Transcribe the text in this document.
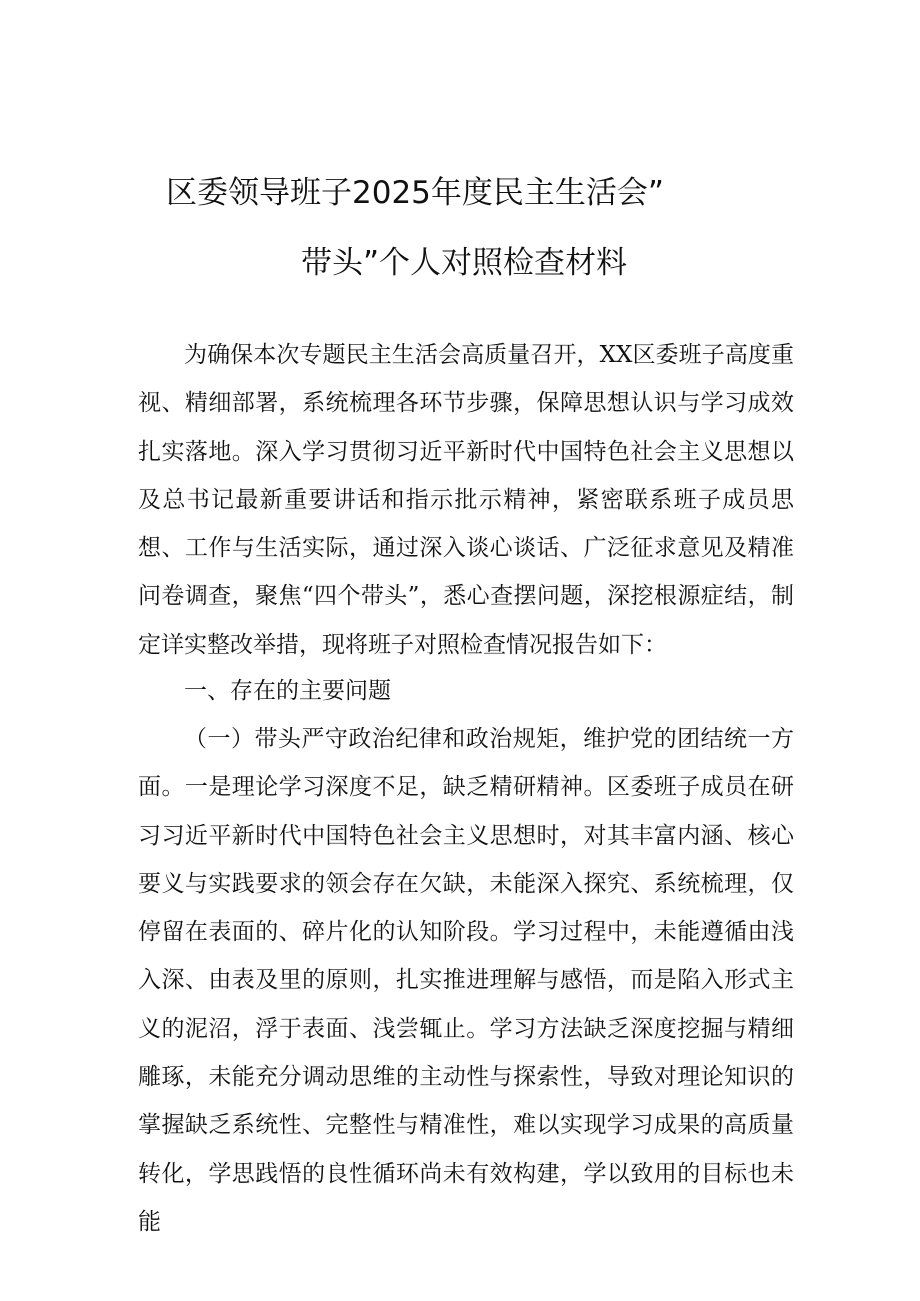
区委领导班子2025年度民主生活会”
带头”个人对照检查材料

为确保本次专题民主生活会高质量召开，XX区委班子高度重视、精细部署，系统梳理各环节步骤，保障思想认识与学习成效扎实落地。深入学习贯彻习近平新时代中国特色社会主义思想以及总书记最新重要讲话和指示批示精神，紧密联系班子成员思想、工作与生活实际，通过深入谈心谈话、广泛征求意见及精准问卷调查，聚焦“四个带头”，悉心查摆问题，深挖根源症结，制定详实整改举措，现将班子对照检查情况报告如下：

一、存在的主要问题

（一）带头严守政治纪律和政治规矩，维护党的团结统一方面。一是理论学习深度不足，缺乏精研精神。区委班子成员在研习习近平新时代中国特色社会主义思想时，对其丰富内涵、核心要义与实践要求的领会存在欠缺，未能深入探究、系统梳理，仅停留在表面的、碎片化的认知阶段。学习过程中，未能遵循由浅入深、由表及里的原则，扎实推进理解与感悟，而是陷入形式主义的泥沼，浮于表面、浅尝辄止。学习方法缺乏深度挖掘与精细雕琢，未能充分调动思维的主动性与探索性，导致对理论知识的掌握缺乏系统性、完整性与精准性，难以实现学习成果的高质量转化，学思践悟的良性循环尚未有效构建，学以致用的目标也未能
